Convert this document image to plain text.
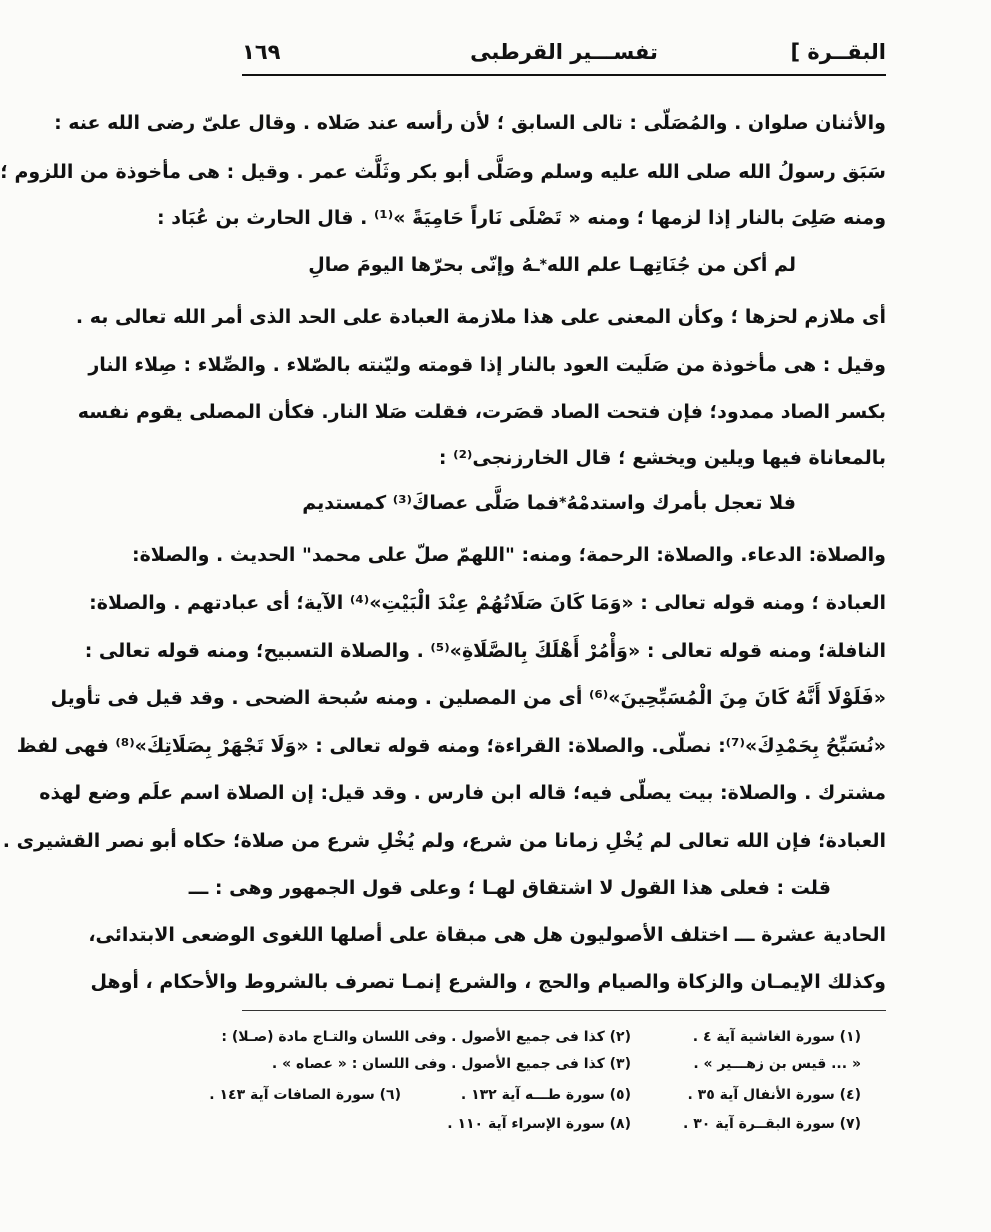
البقــرة ]
تفســـير القرطبى
١٦٩
والأثنان صلوان . والمُصَلّى : تالى السابق ؛ لأن رأسه عند صَلاه . وقال علىّ رضى الله عنه :
سَبَق رسولُ الله صلى الله عليه وسلم وصَلَّى أبو بكر وثَلَّث عمر . وقيل : هى مأخوذة من اللزوم ؛
ومنه صَلِىَ بالنار إذا لزمها ؛ ومنه « تَصْلَى نَاراً حَامِيَةً »⁽¹⁾ . قال الحارث بن عُبَاد :
لم أكن من جُنَاتِهـا علم الله
*
ـهُ وإنّى بحرّها اليومَ صالِ
أى ملازم لحزها ؛ وكأن المعنى على هذا ملازمة العبادة على الحد الذى أمر الله تعالى به .
وقيل : هى مأخوذة من صَلَيت العود بالنار إذا قومته وليّنته بالصّلاء . والصِّلاء : صِلاء النار
بكسر الصاد ممدود؛ فإن فتحت الصاد قصَرت، فقلت صَلا النار. فكأن المصلى يقوم نفسه
بالمعاناة فيها ويلين ويخشع ؛ قال الخارزنجى⁽²⁾ :
فلا تعجل بأمرك واستدمْهُ
*
فما صَلَّى عصاكَ⁽³⁾ كمستديم
والصلاة: الدعاء. والصلاة: الرحمة؛ ومنه: "اللهمّ صلّ على محمد" الحديث . والصلاة:
العبادة ؛ ومنه قوله تعالى : «وَمَا كَانَ صَلَاتُهُمْ عِنْدَ الْبَيْتِ»⁽⁴⁾ الآية؛ أى عبادتهم . والصلاة:
النافلة؛ ومنه قوله تعالى : «وَأْمُرْ أَهْلَكَ بِالصَّلَاةِ»⁽⁵⁾ . والصلاة التسبيح؛ ومنه قوله تعالى :
«فَلَوْلَا أَنَّهُ كَانَ مِنَ الْمُسَبِّحِينَ»⁽⁶⁾ أى من المصلين . ومنه سُبحة الضحى . وقد قيل فى تأويل
«نُسَبِّحُ بِحَمْدِكَ»⁽⁷⁾: نصلّى. والصلاة: القراءة؛ ومنه قوله تعالى : «وَلَا تَجْهَرْ بِصَلَاتِكَ»⁽⁸⁾ فهى لفظ
مشترك . والصلاة: بيت يصلّى فيه؛ قاله ابن فارس . وقد قيل: إن الصلاة اسم علَم وضع لهذه
العبادة؛ فإن الله تعالى لم يُخْلِ زمانا من شرع، ولم يُخْلِ شرع من صلاة؛ حكاه أبو نصر القشيرى .
قلت : فعلى هذا القول لا اشتقاق لهـا ؛ وعلى قول الجمهور وهى : ـــ
الحادية عشرة ـــ اختلف الأصوليون هل هى مبقاة على أصلها اللغوى الوضعى الابتدائى،
وكذلك الإيمـان والزكاة والصيام والحج ، والشرع إنمـا تصرف بالشروط والأحكام ، أوهل
(١) سورة الغاشية آية ٤ .
(٢) كذا فى جميع الأصول . وفى اللسان والتـاج مادة (صـلا) :
« ... قيس بن زهـــير » .
(٣) كذا فى جميع الأصول . وفى اللسان : « عصاه » .
(٤) سورة الأنفال آية ٣٥ .
(٥) سورة طـــه آية ١٣٢ .
(٦) سورة الصافات آية ١٤٣ .
(٧) سورة البقــرة آية ٣٠ .
(٨) سورة الإسراء آية ١١٠ .
